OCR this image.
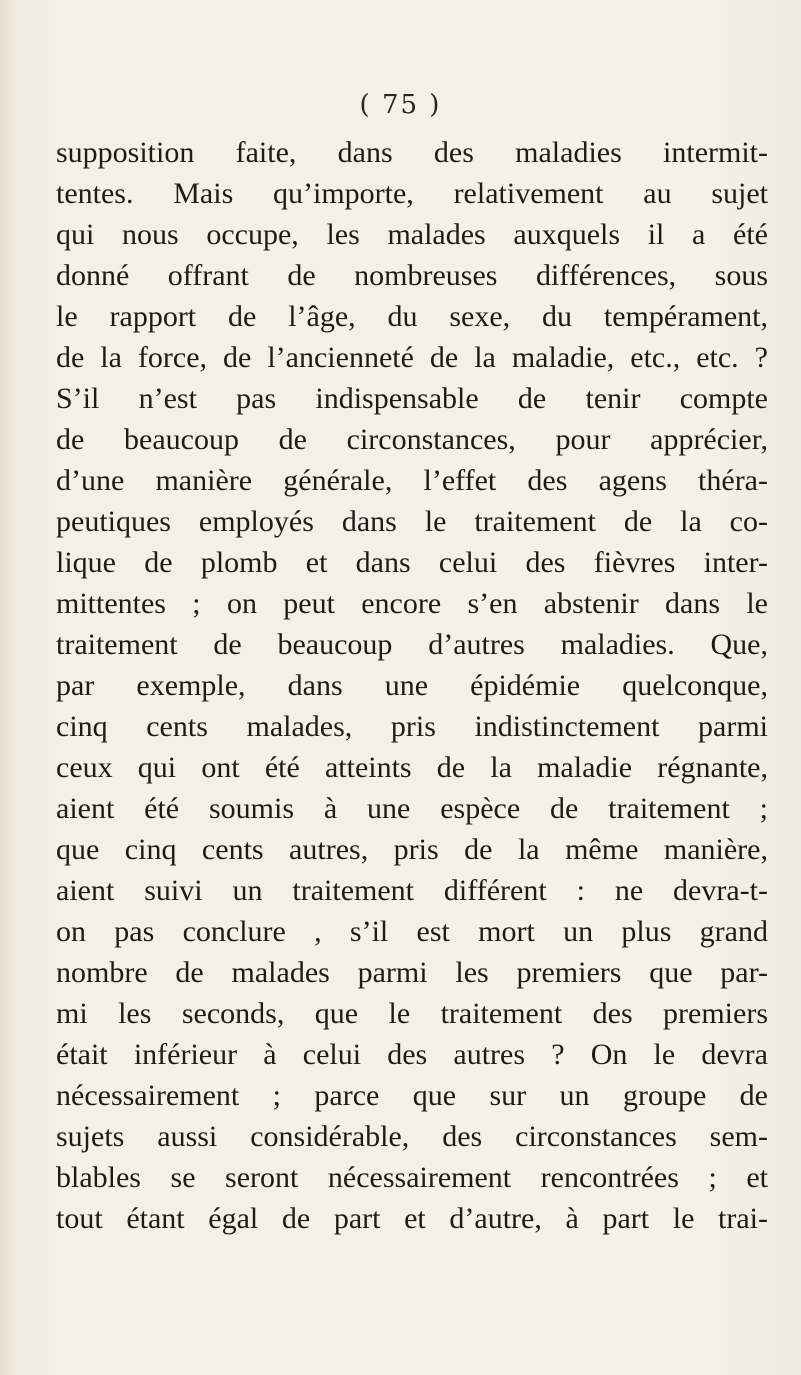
( 75 )
supposition faite, dans des maladies intermit-
tentes. Mais qu’importe, relativement au sujet
qui nous occupe, les malades auxquels il a été
donné offrant de nombreuses différences, sous
le rapport de l’âge, du sexe, du tempérament,
de la force, de l’ancienneté de la maladie, etc., etc. ?
S’il n’est pas indispensable de tenir compte
de beaucoup de circonstances, pour apprécier,
d’une manière générale, l’effet des agens théra-
peutiques employés dans le traitement de la co-
lique de plomb et dans celui des fièvres inter-
mittentes ; on peut encore s’en abstenir dans le
traitement de beaucoup d’autres maladies. Que,
par exemple, dans une épidémie quelconque,
cinq cents malades, pris indistinctement parmi
ceux qui ont été atteints de la maladie régnante,
aient été soumis à une espèce de traitement ;
que cinq cents autres, pris de la même manière,
aient suivi un traitement différent : ne devra-t-
on pas conclure , s’il est mort un plus grand
nombre de malades parmi les premiers que par-
mi les seconds, que le traitement des premiers
était inférieur à celui des autres ? On le devra
nécessairement ; parce que sur un groupe de
sujets aussi considérable, des circonstances sem-
blables se seront nécessairement rencontrées ; et
tout étant égal de part et d’autre, à part le trai-
